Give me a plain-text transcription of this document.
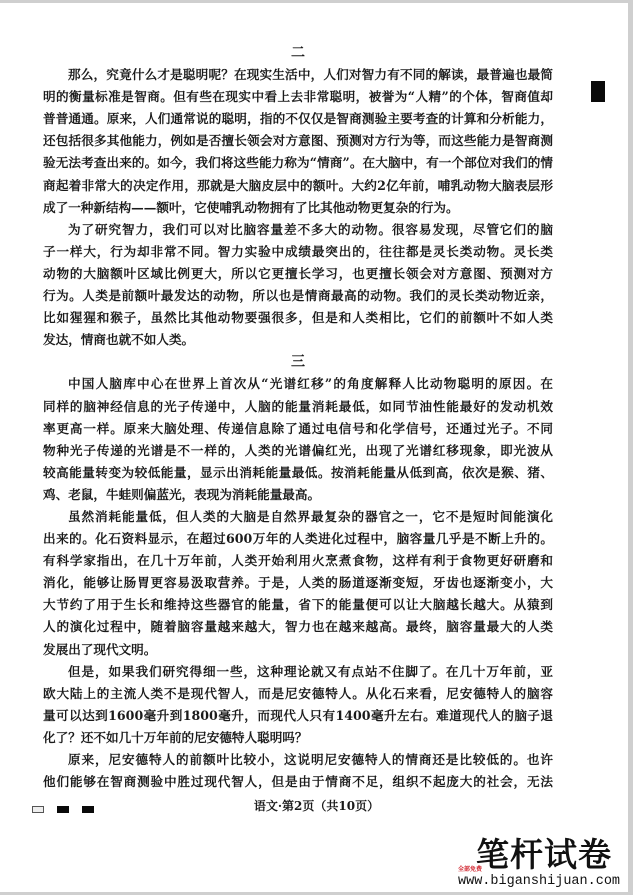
二
那么，究竟什么才是聪明呢？在现实生活中，人们对智力有不同的解读，最普遍也最简
明的衡量标准是智商。但有些在现实中看上去非常聪明，被誉为“人精”的个体，智商值却
普普通通。原来，人们通常说的聪明，指的不仅仅是智商测验主要考查的计算和分析能力，
还包括很多其他能力，例如是否擅长领会对方意图、预测对方行为等，而这些能力是智商测
验无法考查出来的。如今，我们将这些能力称为“情商”。在大脑中，有一个部位对我们的情
商起着非常大的决定作用，那就是大脑皮层中的额叶。大约2亿年前，哺乳动物大脑表层形
成了一种新结构——额叶，它使哺乳动物拥有了比其他动物更复杂的行为。
为了研究智力，我们可以对比脑容量差不多大的动物。很容易发现，尽管它们的脑
子一样大，行为却非常不同。智力实验中成绩最突出的，往往都是灵长类动物。灵长类
动物的大脑额叶区域比例更大，所以它更擅长学习，也更擅长领会对方意图、预测对方
行为。人类是前额叶最发达的动物，所以也是情商最高的动物。我们的灵长类动物近亲，
比如猩猩和猴子，虽然比其他动物要强很多，但是和人类相比，它们的前额叶不如人类
发达，情商也就不如人类。
三
中国人脑库中心在世界上首次从“光谱红移”的角度解释人比动物聪明的原因。在
同样的脑神经信息的光子传递中，人脑的能量消耗最低，如同节油性能最好的发动机效
率更高一样。原来大脑处理、传递信息除了通过电信号和化学信号，还通过光子。不同
物种光子传递的光谱是不一样的，人类的光谱偏红光，出现了光谱红移现象，即光波从
较高能量转变为较低能量，显示出消耗能量最低。按消耗能量从低到高，依次是猴、猪、
鸡、老鼠，牛蛙则偏蓝光，表现为消耗能量最高。
虽然消耗能量低，但人类的大脑是自然界最复杂的器官之一，它不是短时间能演化
出来的。化石资料显示，在超过600万年的人类进化过程中，脑容量几乎是不断上升的。
有科学家指出，在几十万年前，人类开始利用火烹煮食物，这样有利于食物更好研磨和
消化，能够让肠胃更容易汲取营养。于是，人类的肠道逐渐变短，牙齿也逐渐变小，大
大节约了用于生长和维持这些器官的能量，省下的能量便可以让大脑越长越大。从猿到
人的演化过程中，随着脑容量越来越大，智力也在越来越高。最终，脑容量最大的人类
发展出了现代文明。
但是，如果我们研究得细一些，这种理论就又有点站不住脚了。在几十万年前，亚
欧大陆上的主流人类不是现代智人，而是尼安德特人。从化石来看，尼安德特人的脑容
量可以达到1600毫升到1800毫升，而现代人只有1400毫升左右。难道现代人的脑子退
化了？还不如几十万年前的尼安德特人聪明吗？
原来，尼安德特人的前额叶比较小，这说明尼安德特人的情商还是比较低的。也许
他们能够在智商测验中胜过现代智人，但是由于情商不足，组织不起庞大的社会，无法
语文·第2页（共10页）
笔杆试卷
全部免费
www.biganshijuan.com
